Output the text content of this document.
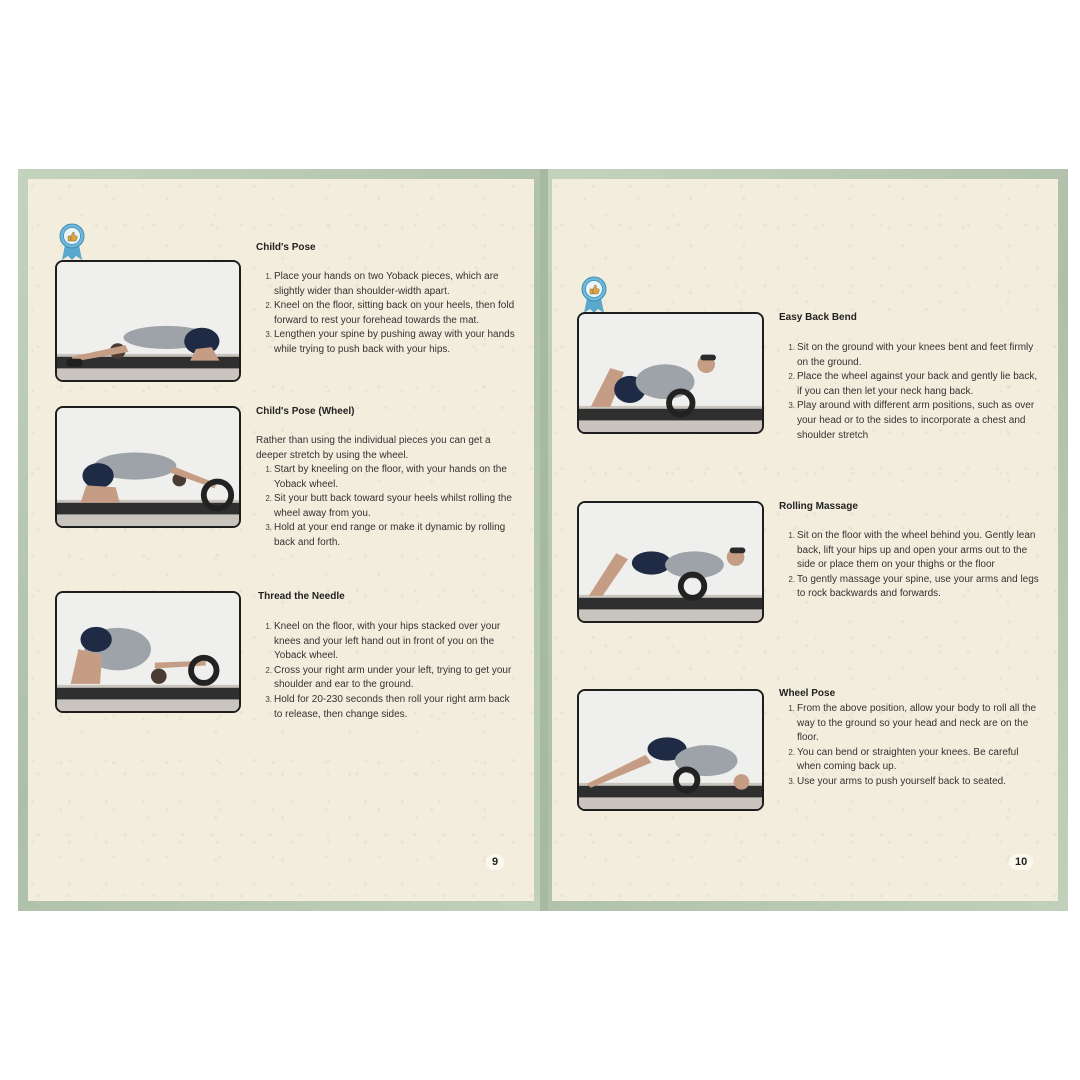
Child's Pose
1. Place your hands on two Yoback pieces, which are slightly wider than shoulder-width apart.
2. Kneel on the floor, sitting back on your heels, then fold forward to rest your forehead towards the mat.
3. Lengthen your spine by pushing away with your hands while trying to push back with your hips.
Child's Pose (Wheel)
Rather than using the individual pieces you can get a deeper stretch by using the wheel.
1. Start by kneeling on the floor, with your hands on the Yoback wheel.
2. Sit your butt back toward syour heels whilst rolling the wheel away from you.
3. Hold at your end range or make it dynamic by rolling back and forth.
Thread the Needle
1. Kneel on the floor, with your hips stacked over your knees and your left hand out in front of you on the Yoback wheel.
2. Cross your right arm under your left, trying to get your shoulder and ear to the ground.
3. Hold for 20-230 seconds then roll your right arm back to release, then change sides.
9
Easy Back Bend
1. Sit on the ground with your knees bent and feet firmly on the ground.
2. Place the wheel against your back and gently lie back, if you can then let your neck hang back.
3. Play around with different arm positions, such as over your head or to the sides to incorporate a chest and shoulder stretch
Rolling Massage
1. Sit on the floor with the wheel behind you. Gently lean back, lift your hips up and open your arms out to the side or place them on your thighs or the floor
2. To gently massage your spine, use your arms and legs to rock backwards and forwards.
Wheel Pose
1. From the above position, allow your body to roll all the way to the ground so your head and neck are on the floor.
2. You can bend or straighten your knees. Be careful when coming back up.
3. Use your arms to push yourself back to seated.
10
